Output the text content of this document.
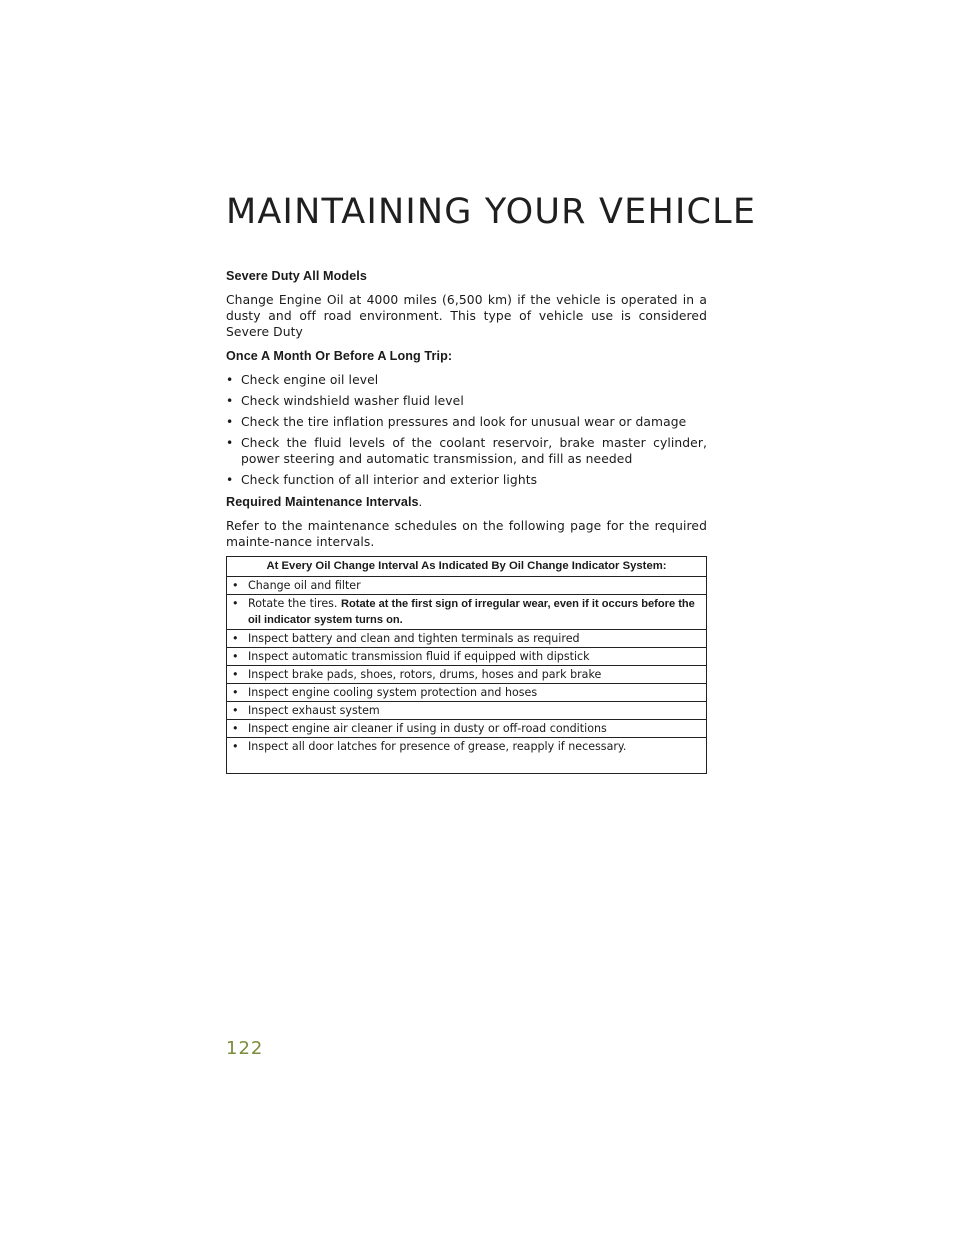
MAINTAINING YOUR VEHICLE

Severe Duty All Models

Change Engine Oil at 4000 miles (6,500 km) if the vehicle is operated in a dusty and off road environment. This type of vehicle use is considered Severe Duty

Once A Month Or Before A Long Trip:

• Check engine oil level
• Check windshield washer fluid level
• Check the tire inflation pressures and look for unusual wear or damage
• Check the fluid levels of the coolant reservoir, brake master cylinder, power steering and automatic transmission, and fill as needed
• Check function of all interior and exterior lights

Required Maintenance Intervals.

Refer to the maintenance schedules on the following page for the required mainte-nance intervals.

At Every Oil Change Interval As Indicated By Oil Change Indicator System:

• Change oil and filter

• Rotate the tires. Rotate at the first sign of irregular wear, even if it occurs before the oil indicator system turns on.

• Inspect battery and clean and tighten terminals as required

• Inspect automatic transmission fluid if equipped with dipstick

• Inspect brake pads, shoes, rotors, drums, hoses and park brake

• Inspect engine cooling system protection and hoses

• Inspect exhaust system

• Inspect engine air cleaner if using in dusty or off-road conditions

• Inspect all door latches for presence of grease, reapply if necessary.
122
